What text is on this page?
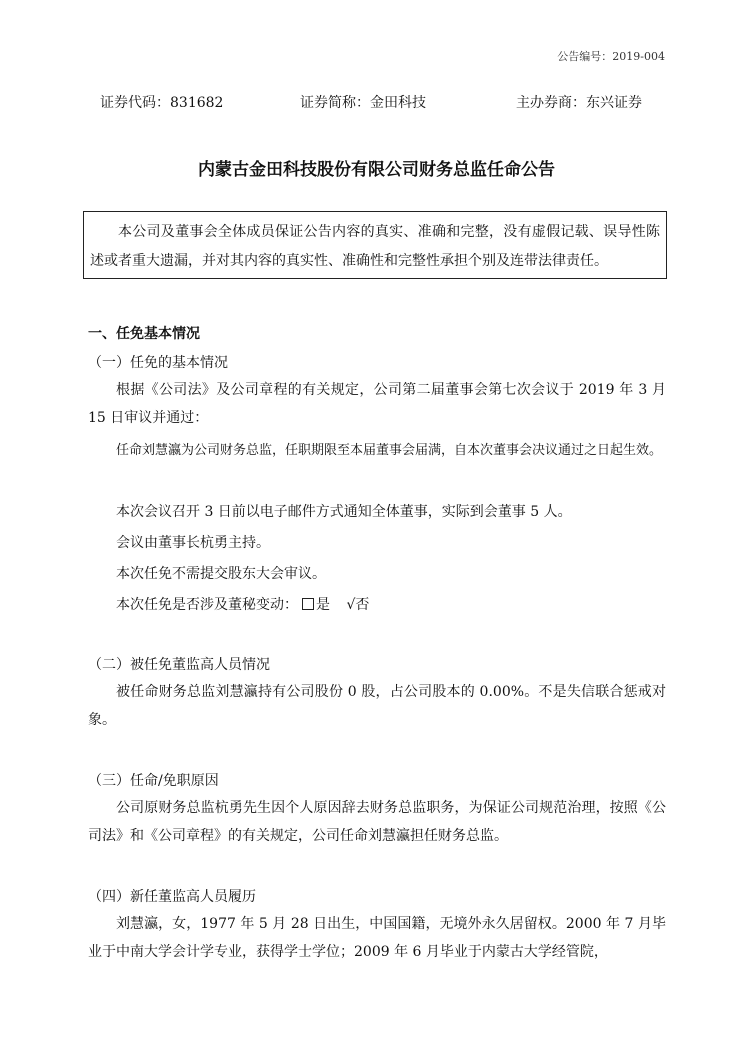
公告编号：2019-004
证券代码：831682	证券简称：金田科技	主办券商：东兴证券
内蒙古金田科技股份有限公司财务总监任命公告

本公司及董事会全体成员保证公告内容的真实、准确和完整，没有虚假记载、误导性陈述或者重大遗漏，并对其内容的真实性、准确性和完整性承担个别及连带法律责任。

一、任免基本情况
（一）任免的基本情况

根据《公司法》及公司章程的有关规定，公司第二届董事会第七次会议于 2019 年 3 月 15 日审议并通过：

任命刘慧瀛为公司财务总监，任职期限至本届董事会届满，自本次董事会决议通过之日起生效。

本次会议召开 3 日前以电子邮件方式通知全体董事，实际到会董事 5 人。
会议由董事长杭勇主持。
本次任免不需提交股东大会审议。
本次任免是否涉及董秘变动： 是 √否
（二）被任免董监高人员情况

被任命财务总监刘慧瀛持有公司股份 0 股，占公司股本的 0.00%。不是失信联合惩戒对象。

（三）任命/免职原因

公司原财务总监杭勇先生因个人原因辞去财务总监职务，为保证公司规范治理，按照《公司法》和《公司章程》的有关规定，公司任命刘慧瀛担任财务总监。

（四）新任董监高人员履历

刘慧瀛，女，1977 年 5 月 28 日出生，中国国籍，无境外永久居留权。2000 年 7 月毕业于中南大学会计学专业，获得学士学位；2009 年 6 月毕业于内蒙古大学经管院，
